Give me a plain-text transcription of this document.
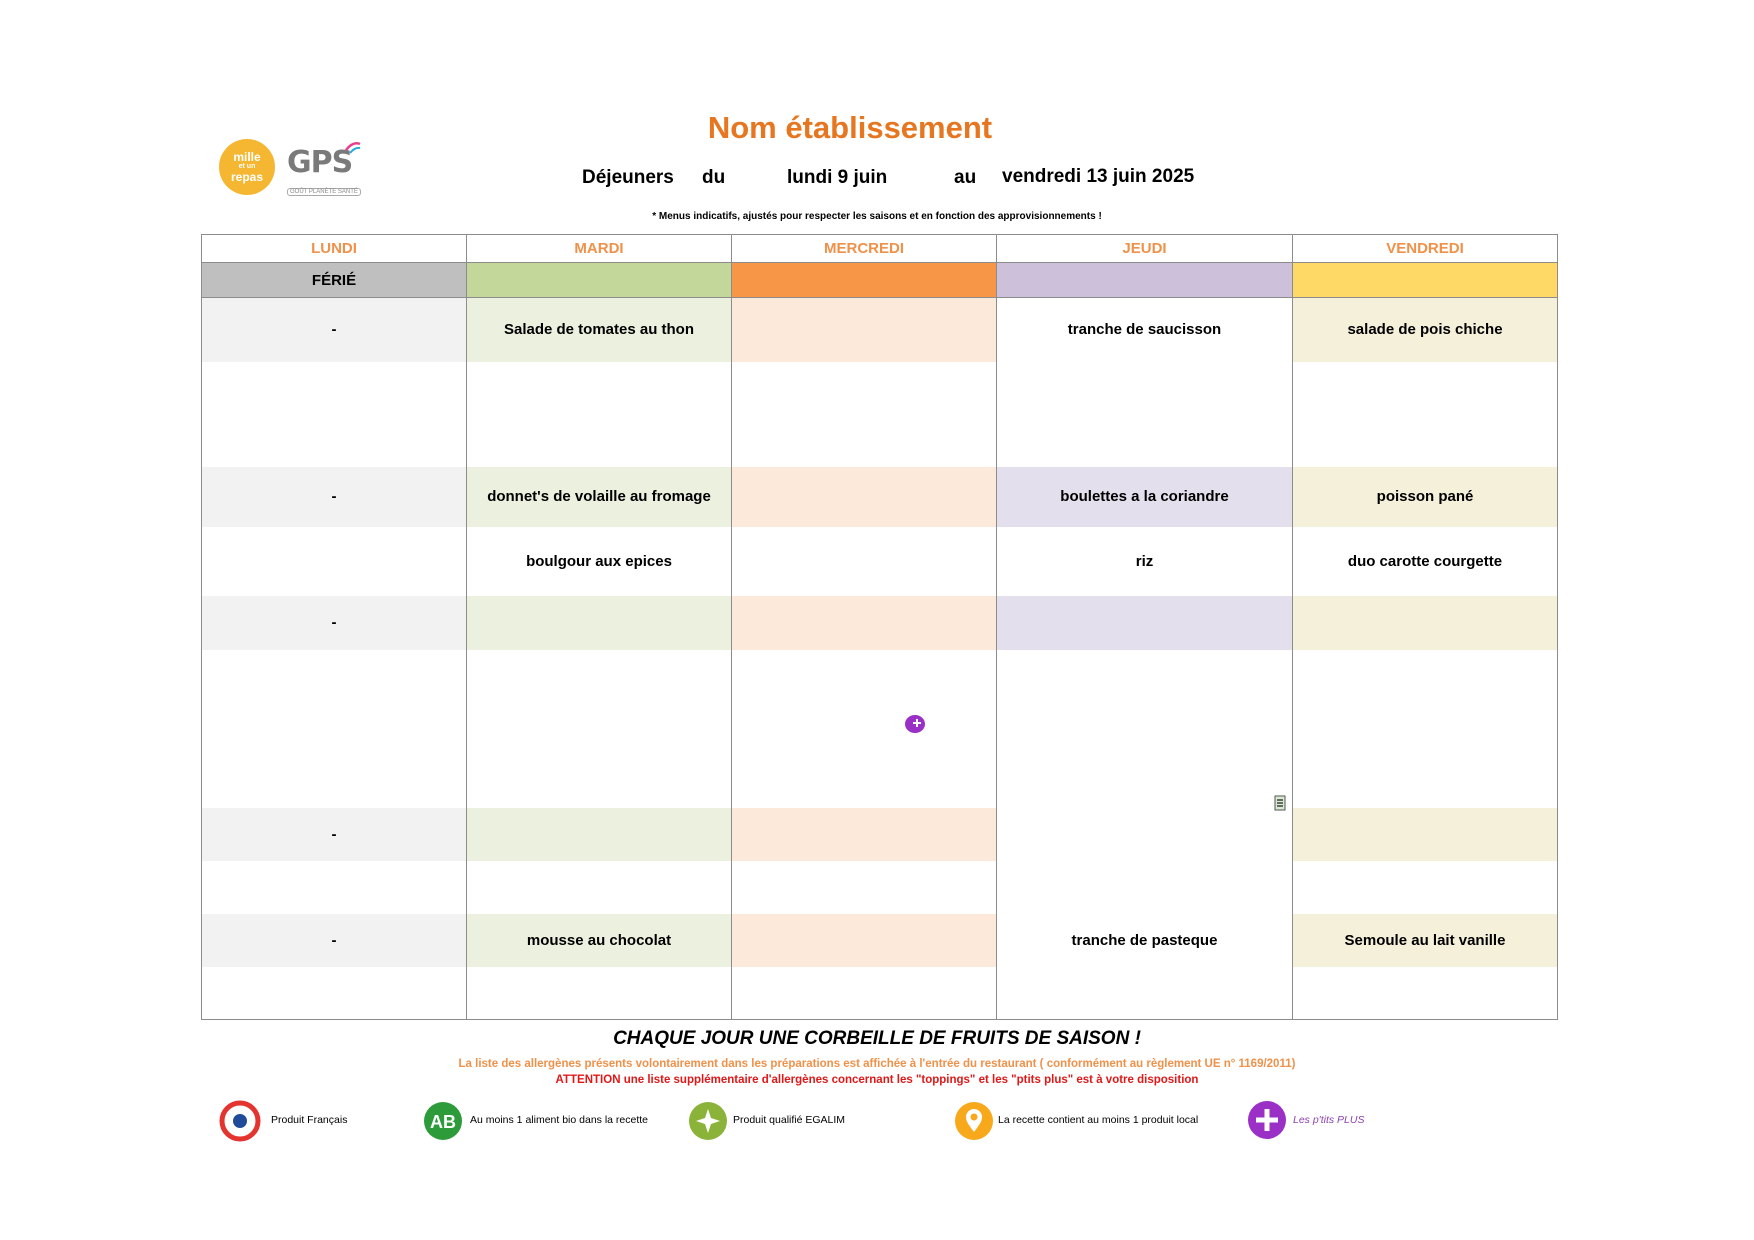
Nom établissement
mille
et un
repas GPS
GOÛT PLANÈTE SANTÉ
Déjeuners du	lundi 9 juin	au vendredi 13 juin 2025
* Menus indicatifs, ajustés pour respecter les saisons et en fonction des approvisionnements !
LUNDI	MARDI	MERCREDI	JEUDI	VENDREDI
FÉRIÉ				
-	Salade de tomates au thon		tranche de saucisson	salade de pois chiche

-	donnet's de volaille au fromage		boulettes a la coriandre	poisson pané
	boulgour aux epices		riz	duo carotte courgette
-				

-				

-	mousse au chocolat		tranche de pasteque	Semoule au lait vanille

CHAQUE JOUR UNE CORBEILLE DE FRUITS DE SAISON !
La liste des allergènes présents volontairement dans les préparations est affichée à l'entrée du restaurant ( conformément au règlement UE n° 1169/2011)
ATTENTION une liste supplémentaire d'allergènes concernant les "toppings" et les "ptits plus" est à votre disposition
Produit Français	AB Au moins 1 aliment bio dans la recette	Produit qualifié EGALIM	La recette contient au moins 1 produit local	Les p'tits PLUS
